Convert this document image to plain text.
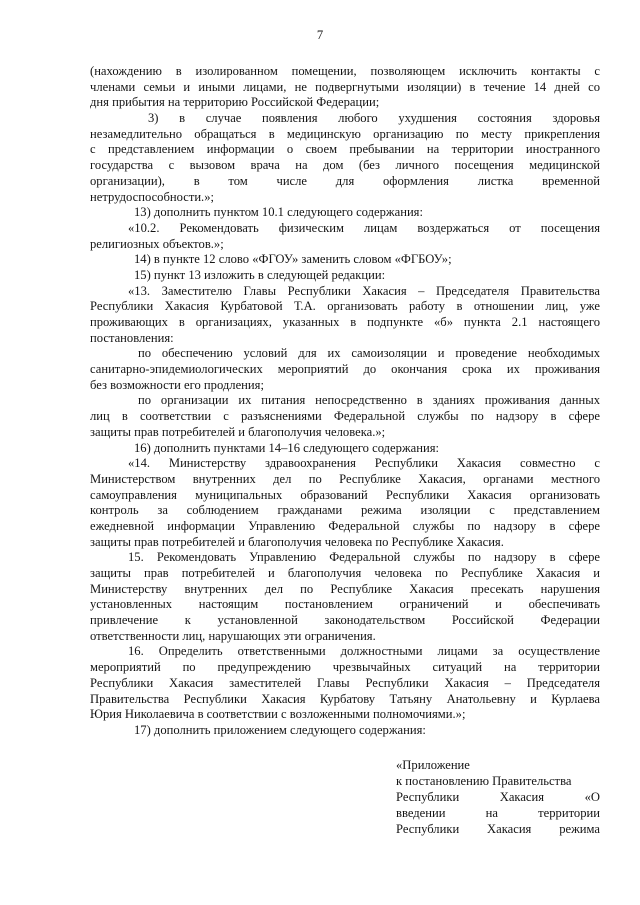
7
(нахождению в изолированном помещении, позволяющем исключить контакты с
членами семьи и иными лицами, не подвергнутыми изоляции) в течение 14 дней со
дня прибытия на территорию Российской Федерации;
3) в случае появления любого ухудшения состояния здоровья
незамедлительно обращаться в медицинскую организацию по месту прикрепления
с представлением информации о своем пребывании на территории иностранного
государства с вызовом врача на дом (без личного посещения медицинской
организации), в том числе для оформления листка временной
нетрудоспособности.»;
13) дополнить пунктом 10.1 следующего содержания:
«10.2. Рекомендовать физическим лицам воздержаться от посещения
религиозных объектов.»;
14) в пункте 12 слово «ФГОУ» заменить словом «ФГБОУ»;
15) пункт 13 изложить в следующей редакции:
«13. Заместителю Главы Республики Хакасия – Председателя Правительства
Республики Хакасия Курбатовой Т.А. организовать работу в отношении лиц, уже
проживающих в организациях, указанных в подпункте «б» пункта 2.1 настоящего
постановления:
по обеспечению условий для их самоизоляции и проведение необходимых
санитарно-эпидемиологических мероприятий до окончания срока их проживания
без возможности его продления;
по организации их питания непосредственно в зданиях проживания данных
лиц в соответствии с разъяснениями Федеральной службы по надзору в сфере
защиты прав потребителей и благополучия человека.»;
16) дополнить пунктами 14–16 следующего содержания:
«14. Министерству здравоохранения Республики Хакасия совместно с
Министерством внутренних дел по Республике Хакасия, органами местного
самоуправления муниципальных образований Республики Хакасия организовать
контроль за соблюдением гражданами режима изоляции с представлением
ежедневной информации Управлению Федеральной службы по надзору в сфере
защиты прав потребителей и благополучия человека по Республике Хакасия.
15. Рекомендовать Управлению Федеральной службы по надзору в сфере
защиты прав потребителей и благополучия человека по Республике Хакасия и
Министерству внутренних дел по Республике Хакасия пресекать нарушения
установленных настоящим постановлением ограничений и обеспечивать
привлечение к установленной законодательством Российской Федерации
ответственности лиц, нарушающих эти ограничения.
16. Определить ответственными должностными лицами за осуществление
мероприятий по предупреждению чрезвычайных ситуаций на территории
Республики Хакасия заместителей Главы Республики Хакасия – Председателя
Правительства Республики Хакасия Курбатову Татьяну Анатольевну и Курлаева
Юрия Николаевича в соответствии с возложенными полномочиями.»;
17) дополнить приложением следующего содержания:
«Приложение
к постановлению Правительства
Республики Хакасия «О
введении на территории
Республики Хакасия режима
